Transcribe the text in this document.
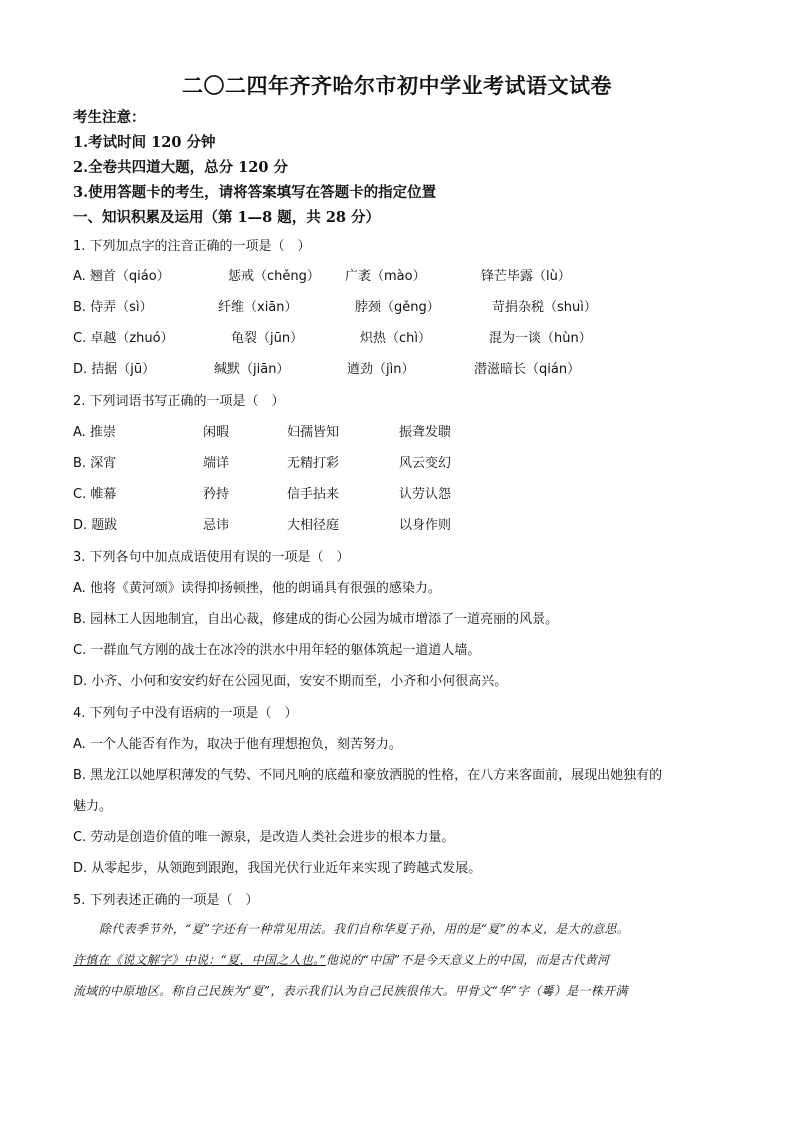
二〇二四年齐齐哈尔市初中学业考试语文试卷
考生注意：
1.考试时间 120 分钟
2.全卷共四道大题，总分 120 分
3.使用答题卡的考生，请将答案填写在答题卡的指定位置
一、知识积累及运用（第 1—8 题，共 28 分）
1. 下列加点字的注音正确的一项是（　）
A. 翘首（qiáo）	惩戒（chěng） 广袤（mào）	锋芒毕露（lù）
B. 侍弄（sì）	纤维（xiān）	脖颈（gěng）	苛捐杂税（shuì）
C. 卓越（zhuó）	龟裂（jūn）	炽热（chì）	混为一谈（hùn）
D. 拮据（jū）	缄默（jiān）	遒劲（jìn）	潜滋暗长（qián）
2. 下列词语书写正确的一项是（　）
A. 推崇	闲暇	妇孺皆知	振聋发聩
B. 深宵	端详	无精打彩	风云变幻
C. 帷幕	矜持	信手拈来	认劳认怨
D. 题跋	忌讳	大相径庭	以身作则
3. 下列各句中加点成语使用有误的一项是（　）
A. 他将《黄河颂》读得抑扬顿挫，他的朗诵具有很强的感染力。
B. 园林工人因地制宜，自出心裁，修建成的街心公园为城市增添了一道亮丽的风景。
C. 一群血气方刚的战士在冰冷的洪水中用年轻的躯体筑起一道道人墙。
D. 小齐、小何和安安约好在公园见面，安安不期而至，小齐和小何很高兴。
4. 下列句子中没有语病的一项是（　）
A. 一个人能否有作为，取决于他有理想抱负，刻苦努力。
B. 黑龙江以她厚积薄发的气势、不同凡响的底蕴和豪放洒脱的性格，在八方来客面前，展现出她独有的
魅力。
C. 劳动是创造价值的唯一源泉，是改造人类社会进步的根本力量。
D. 从零起步，从领跑到跟跑，我国光伏行业近年来实现了跨越式发展。
5. 下列表述正确的一项是（　）
除代表季节外，“夏”字还有一种常见用法。我们自称华夏子孙，用的是“夏”的本义，是大的意思。
许慎在《说文解字》中说：“夏，中国之人也。”他说的“中国”不是今天意义上的中国，而是古代黄河
流域的中原地区。称自己民族为“夏”，表示我们认为自己民族很伟大。甲骨文“华”字（𠌶）是一株开满
